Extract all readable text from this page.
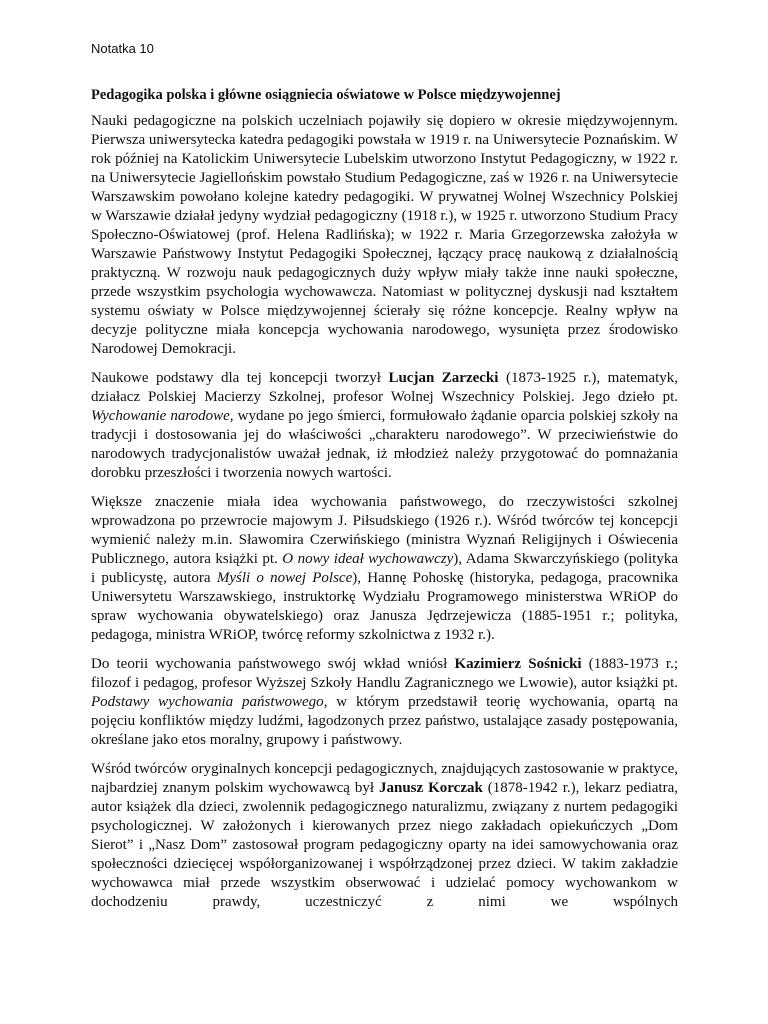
Notatka 10
Pedagogika polska i główne osiągniecia oświatowe w Polsce międzywojennej

Nauki pedagogiczne na polskich uczelniach pojawiły się dopiero w okresie międzywojennym. Pierwsza uniwersytecka katedra pedagogiki powstała w 1919 r. na Uniwersytecie Poznańskim. W rok później na Katolickim Uniwersytecie Lubelskim utworzono Instytut Pedagogiczny, w 1922 r. na Uniwersytecie Jagiellońskim powstało Studium Pedagogiczne, zaś w 1926 r. na Uniwersytecie Warszawskim powołano kolejne katedry pedagogiki. W prywatnej Wolnej Wszechnicy Polskiej w Warszawie działał jedyny wydział pedagogiczny (1918 r.), w 1925 r. utworzono Studium Pracy Społeczno-Oświatowej (prof. Helena Radlińska); w 1922 r. Maria Grzegorzewska założyła w Warszawie Państwowy Instytut Pedagogiki Społecznej, łączący pracę naukową z działalnością praktyczną. W rozwoju nauk pedagogicznych duży wpływ miały także inne nauki społeczne, przede wszystkim psychologia wychowawcza. Natomiast w politycznej dyskusji nad kształtem systemu oświaty w Polsce międzywojennej ścierały się różne koncepcje. Realny wpływ na decyzje polityczne miała koncepcja wychowania narodowego, wysunięta przez środowisko Narodowej Demokracji.

Naukowe podstawy dla tej koncepcji tworzył Lucjan Zarzecki (1873-1925 r.), matematyk, działacz Polskiej Macierzy Szkolnej, profesor Wolnej Wszechnicy Polskiej. Jego dzieło pt. Wychowanie narodowe, wydane po jego śmierci, formułowało żądanie oparcia polskiej szkoły na tradycji i dostosowania jej do właściwości „charakteru narodowego”. W przeciwieństwie do narodowych tradycjonalistów uważał jednak, iż młodzież należy przygotować do pomnażania dorobku przeszłości i tworzenia nowych wartości.

Większe znaczenie miała idea wychowania państwowego, do rzeczywistości szkolnej wprowadzona po przewrocie majowym J. Piłsudskiego (1926 r.). Wśród twórców tej koncepcji wymienić należy m.in. Sławomira Czerwińskiego (ministra Wyznań Religijnych i Oświecenia Publicznego, autora książki pt. O nowy ideał wychowawczy), Adama Skwarczyńskiego (polityka i publicystę, autora Myśli o nowej Polsce), Hannę Pohoskę (historyka, pedagoga, pracownika Uniwersytetu Warszawskiego, instruktorkę Wydziału Programowego ministerstwa WRiOP do spraw wychowania obywatelskiego) oraz Janusza Jędrzejewicza (1885-1951 r.; polityka, pedagoga, ministra WRiOP, twórcę reformy szkolnictwa z 1932 r.).

Do teorii wychowania państwowego swój wkład wniósł Kazimierz Sośnicki (1883-1973 r.; filozof i pedagog, profesor Wyższej Szkoły Handlu Zagranicznego we Lwowie), autor książki pt. Podstawy wychowania państwowego, w którym przedstawił teorię wychowania, opartą na pojęciu konfliktów między ludźmi, łagodzonych przez państwo, ustalające zasady postępowania, określane jako etos moralny, grupowy i państwowy.

Wśród twórców oryginalnych koncepcji pedagogicznych, znajdujących zastosowanie w praktyce, najbardziej znanym polskim wychowawcą był Janusz Korczak (1878-1942 r.), lekarz pediatra, autor książek dla dzieci, zwolennik pedagogicznego naturalizmu, związany z nurtem pedagogiki psychologicznej. W założonych i kierowanych przez niego zakładach opiekuńczych „Dom Sierot” i „Nasz Dom” zastosował program pedagogiczny oparty na idei samowychowania oraz społeczności dziecięcej współorganizowanej i współrządzonej przez dzieci. W takim zakładzie wychowawca miał przede wszystkim obserwować i udzielać pomocy wychowankom w dochodzeniu prawdy, uczestniczyć z nimi we wspólnych
